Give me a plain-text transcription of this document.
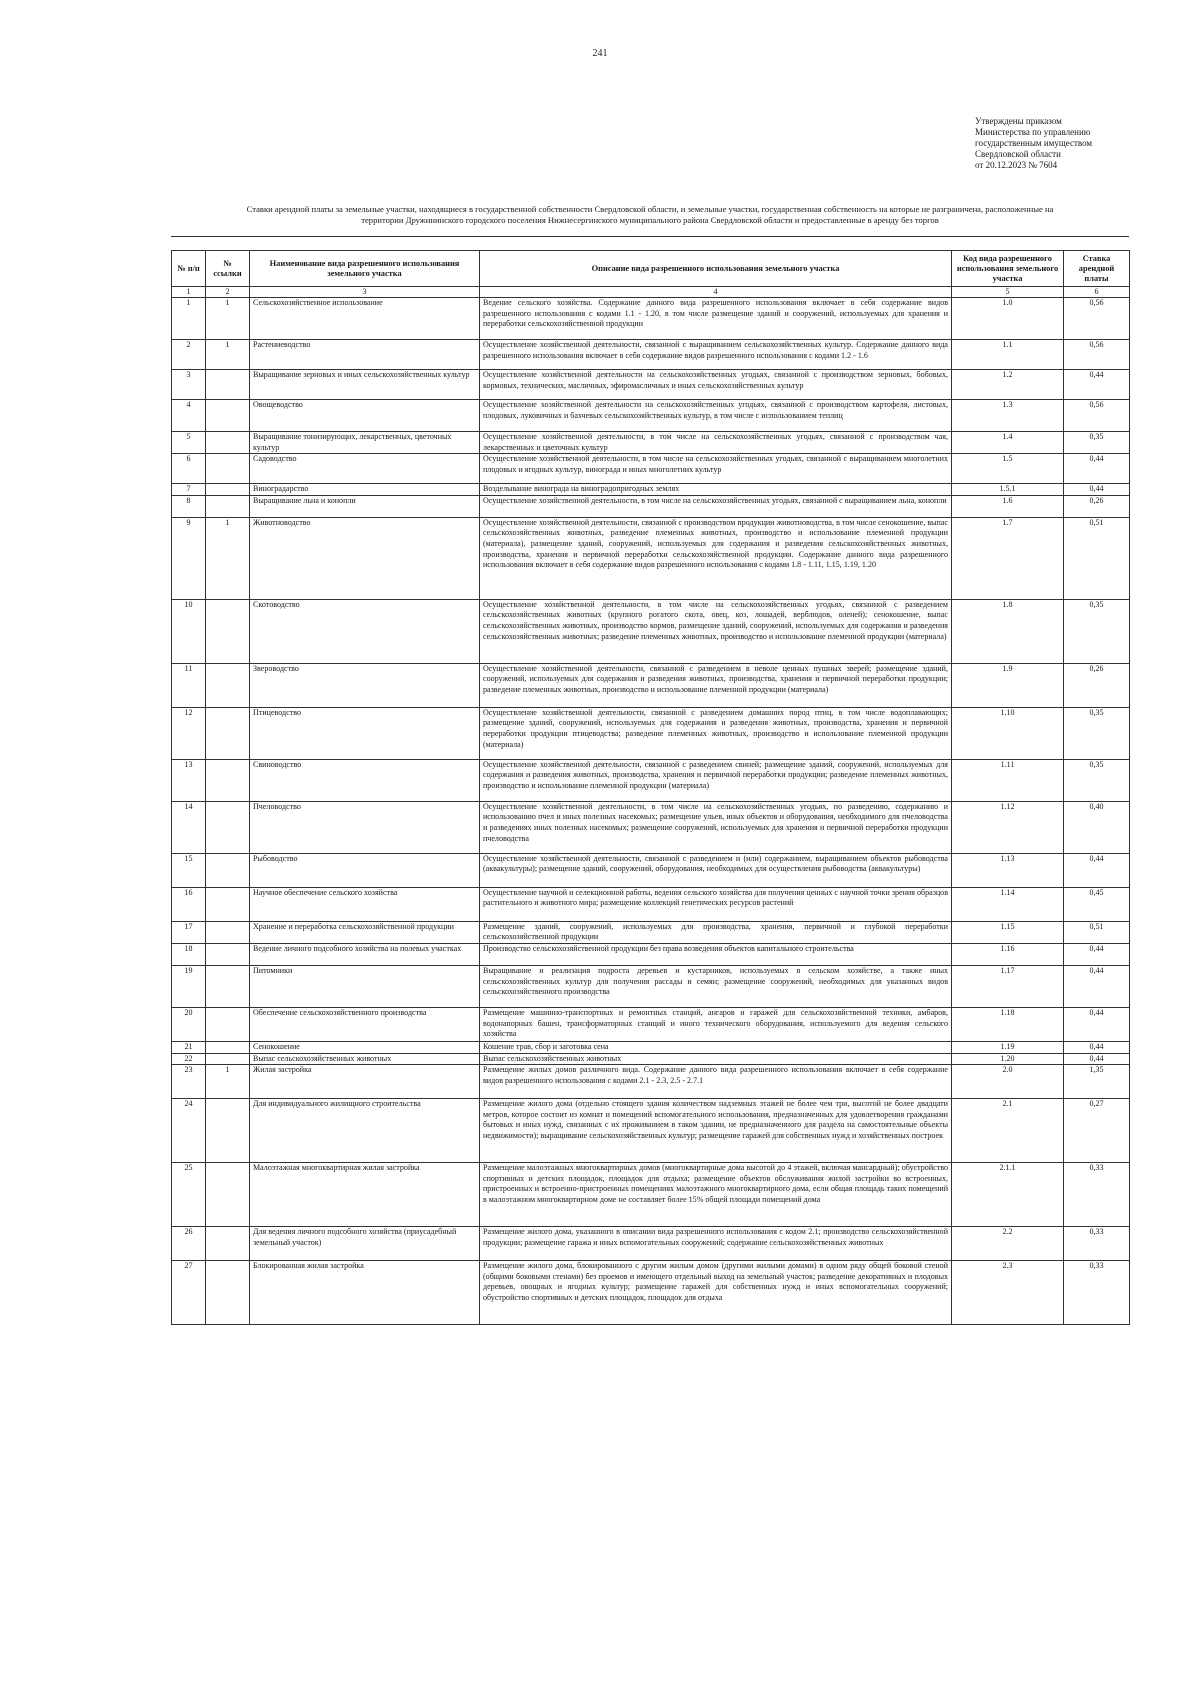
241
Утверждены приказом
Министерства по управлению
государственным имуществом
Свердловской области
от 20.12.2023 № 7604
Ставки арендной платы за земельные участки, находящиеся в государственной собственности Свердловской области, и земельные участки, государственная собственность на которые не разграничена, расположенные на
территории Дружининского городского поселения Нижнесергинского муниципального района Свердловской области и предоставленные в аренду без торгов
№ п/п	№ ссылки	Наименование вида разрешенного использования земельного участка	Описание вида разрешенного использования земельного участка	Код вида разрешенного использования земельного участка	Ставка арендной платы
1	2	3	4	5	6
1	1	Сельскохозяйственное использование	Ведение сельского хозяйства. Содержание данного вида разрешенного использования включает в себя содержание видов разрешенного использования с кодами 1.1 - 1.20, в том числе размещение зданий и сооружений, используемых для хранения и переработки сельскохозяйственной продукции	1.0	0,56
2	1	Растениеводство	Осуществление хозяйственной деятельности, связанной с выращиванием сельскохозяйственных культур. Содержание данного вида разрешенного использования включает в себя содержание видов разрешенного использования с кодами 1.2 - 1.6	1.1	0,56
3		Выращивание зерновых и иных сельскохозяйственных культур	Осуществление хозяйственной деятельности на сельскохозяйственных угодьях, связанной с производством зерновых, бобовых, кормовых, технических, масличных, эфиромасличных и иных сельскохозяйственных культур	1.2	0,44
4		Овощеводство	Осуществление хозяйственной деятельности на сельскохозяйственных угодьях, связанной с производством картофеля, листовых, плодовых, луковичных и бахчевых сельскохозяйственных культур, в том числе с использованием теплиц	1.3	0,56
5		Выращивание тонизирующих, лекарственных, цветочных культур	Осуществление хозяйственной деятельности, в том числе на сельскохозяйственных угодьях, связанной с производством чая, лекарственных и цветочных культур	1.4	0,35
6		Садоводство	Осуществление хозяйственной деятельности, в том числе на сельскохозяйственных угодьях, связанной с выращиванием многолетних плодовых и ягодных культур, винограда и иных многолетних культур	1.5	0,44
7		Виноградарство	Возделывание винограда на виноградопригодных землях	1.5.1	0,44
8		Выращивание льна и конопли	Осуществление хозяйственной деятельности, в том числе на сельскохозяйственных угодьях, связанной с выращиванием льна, конопли	1.6	0,26
9	1	Животноводство	Осуществление хозяйственной деятельности, связанной с производством продукции животноводства, в том числе сенокошение, выпас сельскохозяйственных животных, разведение племенных животных, производство и использование племенной продукции (материала), размещение зданий, сооружений, используемых для содержания и разведения сельскохозяйственных животных, производства, хранения и первичной переработки сельскохозяйственной продукции. Содержание данного вида разрешенного использования включает в себя содержание видов разрешенного использования с кодами 1.8 - 1.11, 1.15, 1.19, 1.20	1.7	0,51
10		Скотоводство	Осуществление хозяйственной деятельности, в том числе на сельскохозяйственных угодьях, связанной с разведением сельскохозяйственных животных (крупного рогатого скота, овец, коз, лошадей, верблюдов, оленей); сенокошение, выпас сельскохозяйственных животных, производство кормов, размещение зданий, сооружений, используемых для содержания и разведения сельскохозяйственных животных; разведение племенных животных, производство и использование племенной продукции (материала)	1.8	0,35
11		Звероводство	Осуществление хозяйственной деятельности, связанной с разведением в неволе ценных пушных зверей; размещение зданий, сооружений, используемых для содержания и разведения животных, производства, хранения и первичной переработки продукции; разведение племенных животных, производство и использование племенной продукции (материала)	1.9	0,26
12		Птицеводство	Осуществление хозяйственной деятельности, связанной с разведением домашних пород птиц, в том числе водоплавающих; размещение зданий, сооружений, используемых для содержания и разведения животных, производства, хранения и первичной переработки продукции птицеводства; разведение племенных животных, производство и использование племенной продукции (материала)	1.10	0,35
13		Свиноводство	Осуществление хозяйственной деятельности, связанной с разведением свиней; размещение зданий, сооружений, используемых для содержания и разведения животных, производства, хранения и первичной переработки продукции; разведение племенных животных, производство и использование племенной продукции (материала)	1.11	0,35
14		Пчеловодство	Осуществление хозяйственной деятельности, в том числе на сельскохозяйственных угодьях, по разведению, содержанию и использованию пчел и иных полезных насекомых; размещение ульев, иных объектов и оборудования, необходимого для пчеловодства и разведениях иных полезных насекомых; размещение сооружений, используемых для хранения и первичной переработки продукции пчеловодства	1.12	0,40
15		Рыбоводство	Осуществление хозяйственной деятельности, связанной с разведением и (или) содержанием, выращиванием объектов рыбоводства (аквакультуры); размещение зданий, сооружений, оборудования, необходимых для осуществления рыбоводства (аквакультуры)	1.13	0,44
16		Научное обеспечение сельского хозяйства	Осуществление научной и селекционной работы, ведения сельского хозяйства для получения ценных с научной точки зрения образцов растительного и животного мира; размещение коллекций генетических ресурсов растений	1.14	0,45
17		Хранение и переработка сельскохозяйственной продукции	Размещение зданий, сооружений, используемых для производства, хранения, первичной и глубокой переработки сельскохозяйственной продукции	1.15	0,51
18		Ведение личного подсобного хозяйства на полевых участках	Производство сельскохозяйственной продукции без права возведения объектов капитального строительства	1.16	0,44
19		Питомники	Выращивание и реализация подроста деревьев и кустарников, используемых в сельском хозяйстве, а также иных сельскохозяйственных культур для получения рассады и семян; размещение сооружений, необходимых для указанных видов сельскохозяйственного производства	1.17	0,44
20		Обеспечение сельскохозяйственного производства	Размещение машинно-транспортных и ремонтных станций, ангаров и гаражей для сельскохозяйственной техники, амбаров, водонапорных башен, трансформаторных станций и иного технического оборудования, используемого для ведения сельского хозяйства	1.18	0,44
21		Сенокошение	Кошение трав, сбор и заготовка сена	1.19	0,44
22		Выпас сельскохозяйственных животных	Выпас сельскохозяйственных животных	1.20	0,44
23	1	Жилая застройка	Размещение жилых домов различного вида. Содержание данного вида разрешенного использования включает в себя содержание видов разрешенного использования с кодами 2.1 - 2.3, 2.5 - 2.7.1	2.0	1,35
24		Для индивидуального жилищного строительства	Размещение жилого дома (отдельно стоящего здания количеством надземных этажей не более чем три, высотой не более двадцати метров, которое состоит из комнат и помещений вспомогательного использования, предназначенных для удовлетворения гражданами бытовых и иных нужд, связанных с их проживанием в таком здании, не предназначенного для раздела на самостоятельные объекты недвижимости); выращивание сельскохозяйственных культур; размещение гаражей для собственных нужд и хозяйственных построек	2.1	0,27
25		Малоэтажная многоквартирная жилая застройка	Размещение малоэтажных многоквартирных домов (многоквартирные дома высотой до 4 этажей, включая мансардный); обустройство спортивных и детских площадок, площадок для отдыха; размещение объектов обслуживания жилой застройки во встроенных, пристроенных и встроенно-пристроенных помещениях малоэтажного многоквартирного дома, если общая площадь таких помещений в малоэтажном многоквартирном доме не составляет более 15% общей площади помещений дома	2.1.1	0,33
26		Для ведения личного подсобного хозяйства (приусадебный земельный участок)	Размещение жилого дома, указанного в описании вида разрешенного использования с кодом 2.1; производство сельскохозяйственной продукции; размещение гаража и иных вспомогательных сооружений; содержание сельскохозяйственных животных	2.2	0,33
27		Блокированная жилая застройка	Размещение жилого дома, блокированного с другим жилым домом (другими жилыми домами) в одном ряду общей боковой стеной (общими боковыми стенами) без проемов и имеющего отдельный выход на земельный участок; разведение декоративных и плодовых деревьев, овощных и ягодных культур; размещение гаражей для собственных нужд и иных вспомогательных сооружений; обустройство спортивных и детских площадок, площадок для отдыха	2.3	0,33
